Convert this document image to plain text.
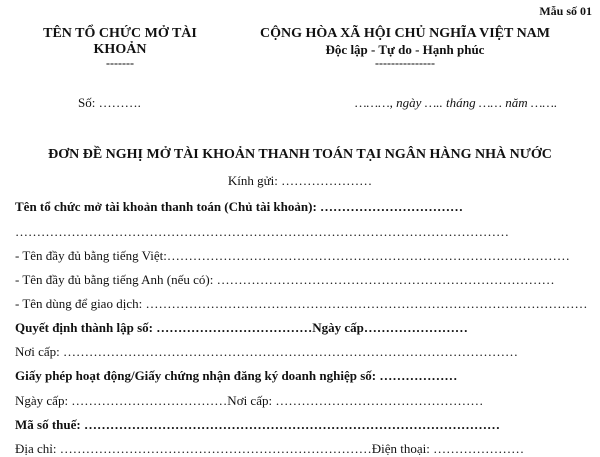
Mẫu số 01
TÊN TỔ CHỨC MỞ TÀI
KHOẢN
-------
CỘNG HÒA XÃ HỘI CHỦ NGHĨA VIỆT NAM
Độc lập - Tự do - Hạnh phúc
---------------
Số: ……….	………, ngày ….. tháng …… năm …….
ĐƠN ĐỀ NGHỊ MỞ TÀI KHOẢN THANH TOÁN TẠI NGÂN HÀNG NHÀ NƯỚC
Kính gửi: …………………
Tên tổ chức mở tài khoản thanh toán (Chủ tài khoản): ……………………………
……………………………………………………………………………………………………
- Tên đầy đủ bằng tiếng Việt:…………………………………………………………………………………
- Tên đầy đủ bằng tiếng Anh (nếu có): ……………………………………………………………………
- Tên dùng để giao dịch: …………………………………………………………………………………………
Quyết định thành lập số: ………………………………Ngày cấp……………………
Nơi cấp: ……………………………………………………………………………………………
Giấy phép hoạt động/Giấy chứng nhận đăng ký doanh nghiệp số: ………………
Ngày cấp: ………………………………Nơi cấp: …………………………………………
Mã số thuế: ……………………………………………………………………………………
Địa chỉ: ………………………………………………………………Điện thoại: …………………
